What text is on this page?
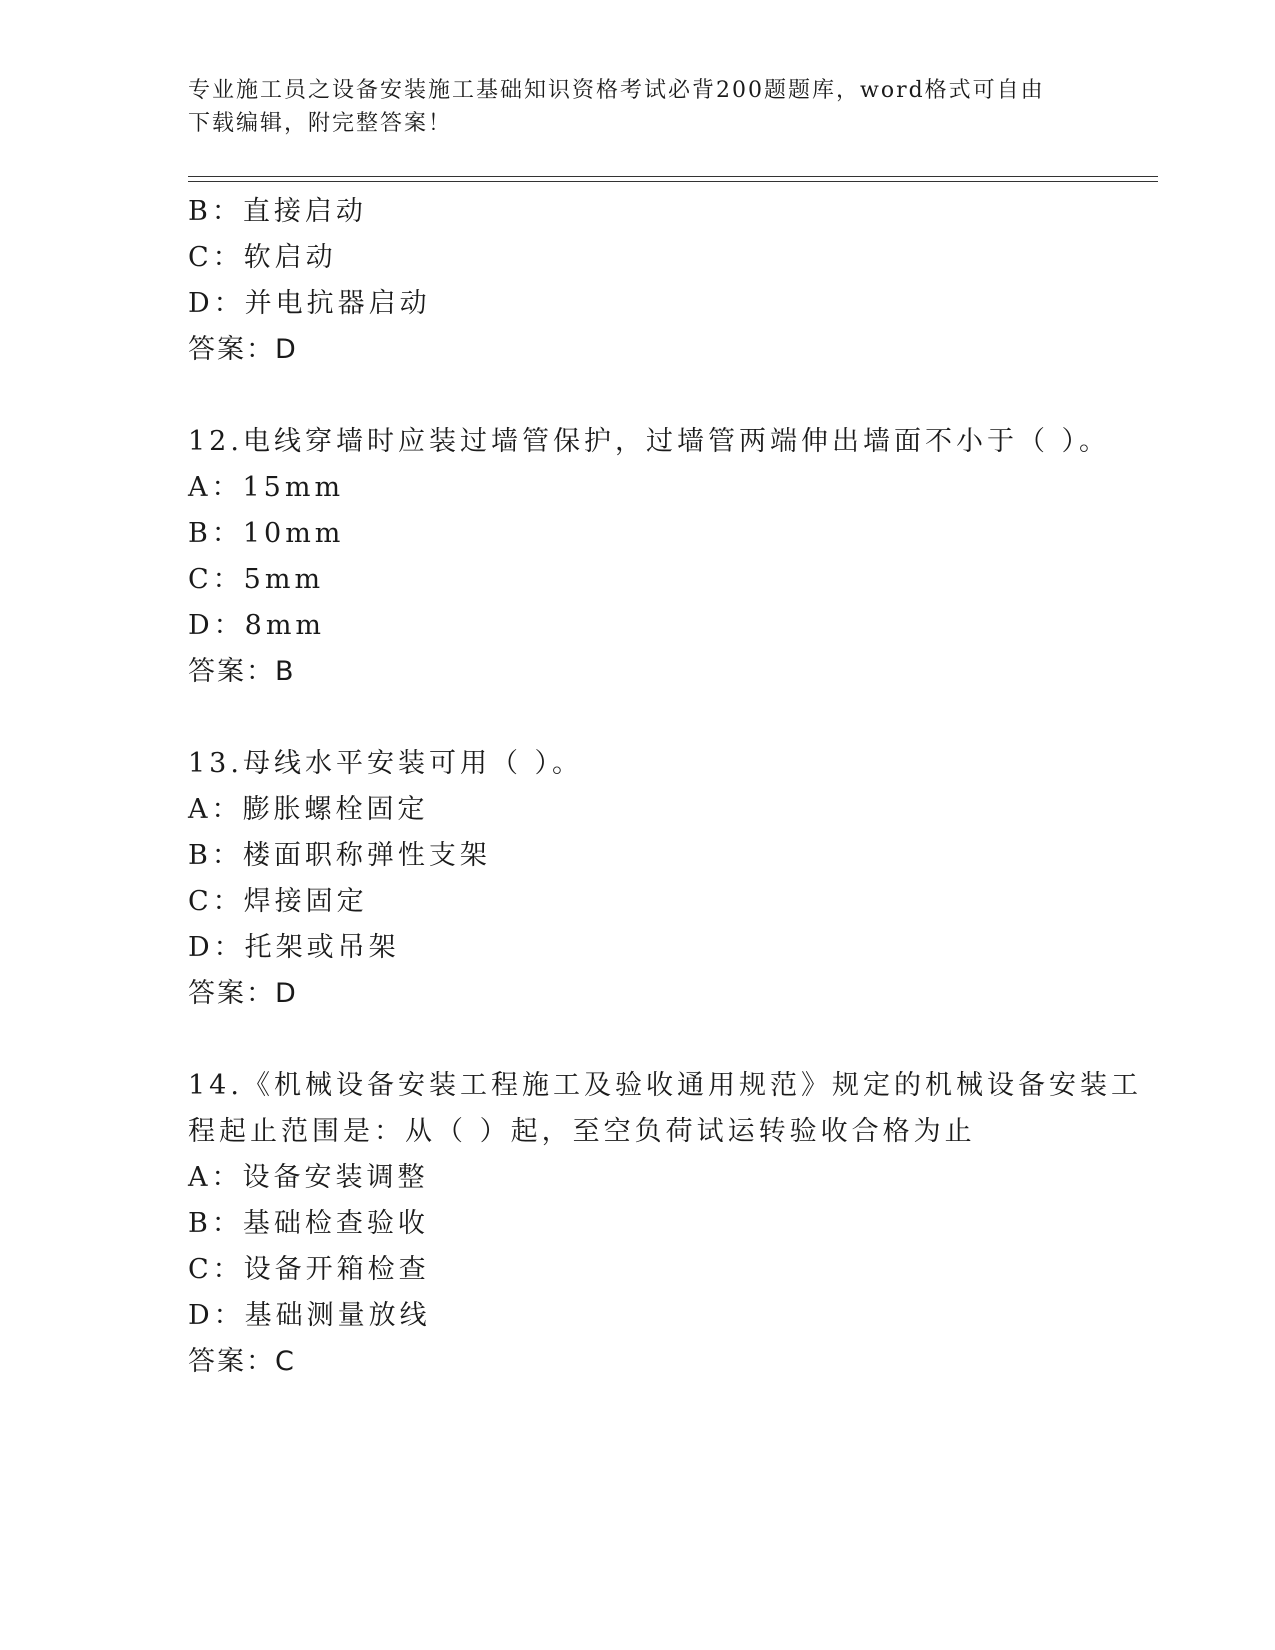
专业施工员之设备安装施工基础知识资格考试必背200题题库，word格式可自由
下载编辑，附完整答案！
B：直接启动
C：软启动
D：并电抗器启动
答案：D
12.电线穿墙时应装过墙管保护，过墙管两端伸出墙面不小于（ ）。
A：15mm
B：10mm
C：5mm
D：8mm
答案：B
13.母线水平安装可用（ ）。
A：膨胀螺栓固定
B：楼面职称弹性支架
C：焊接固定
D：托架或吊架
答案：D
14.《机械设备安装工程施工及验收通用规范》规定的机械设备安装工
程起止范围是：从（ ）起，至空负荷试运转验收合格为止
A：设备安装调整
B：基础检查验收
C：设备开箱检查
D：基础测量放线
答案：C
